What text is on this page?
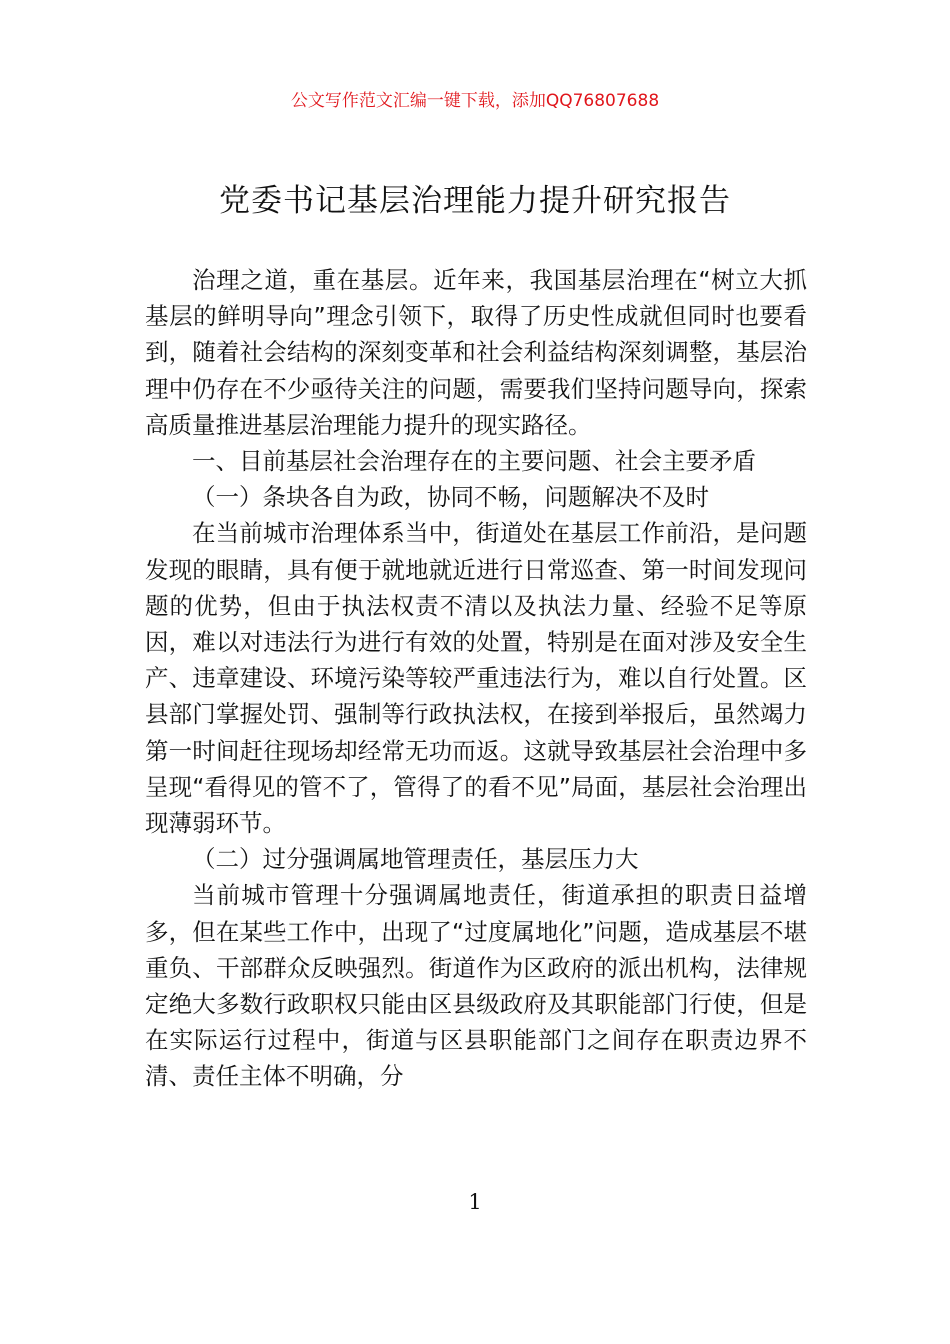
公文写作范文汇编一键下载，添加QQ76807688
党委书记基层治理能力提升研究报告

治理之道，重在基层。近年来，我国基层治理在“树立大抓基层的鲜明导向”理念引领下，取得了历史性成就但同时也要看到，随着社会结构的深刻变革和社会利益结构深刻调整，基层治理中仍存在不少亟待关注的问题，需要我们坚持问题导向，探索高质量推进基层治理能力提升的现实路径。

一、目前基层社会治理存在的主要问题、社会主要矛盾

（一）条块各自为政，协同不畅，问题解决不及时

在当前城市治理体系当中，街道处在基层工作前沿，是问题发现的眼睛，具有便于就地就近进行日常巡查、第一时间发现问题的优势，但由于执法权责不清以及执法力量、经验不足等原因，难以对违法行为进行有效的处置，特别是在面对涉及安全生产、违章建设、环境污染等较严重违法行为，难以自行处置。区县部门掌握处罚、强制等行政执法权，在接到举报后，虽然竭力第一时间赶往现场却经常无功而返。这就导致基层社会治理中多呈现“看得见的管不了，管得了的看不见”局面，基层社会治理出现薄弱环节。

（二）过分强调属地管理责任，基层压力大

当前城市管理十分强调属地责任，街道承担的职责日益增多，但在某些工作中，出现了“过度属地化”问题，造成基层不堪重负、干部群众反映强烈。街道作为区政府的派出机构，法律规定绝大多数行政职权只能由区县级政府及其职能部门行使，但是在实际运行过程中，街道与区县职能部门之间存在职责边界不清、责任主体不明确，分

1
